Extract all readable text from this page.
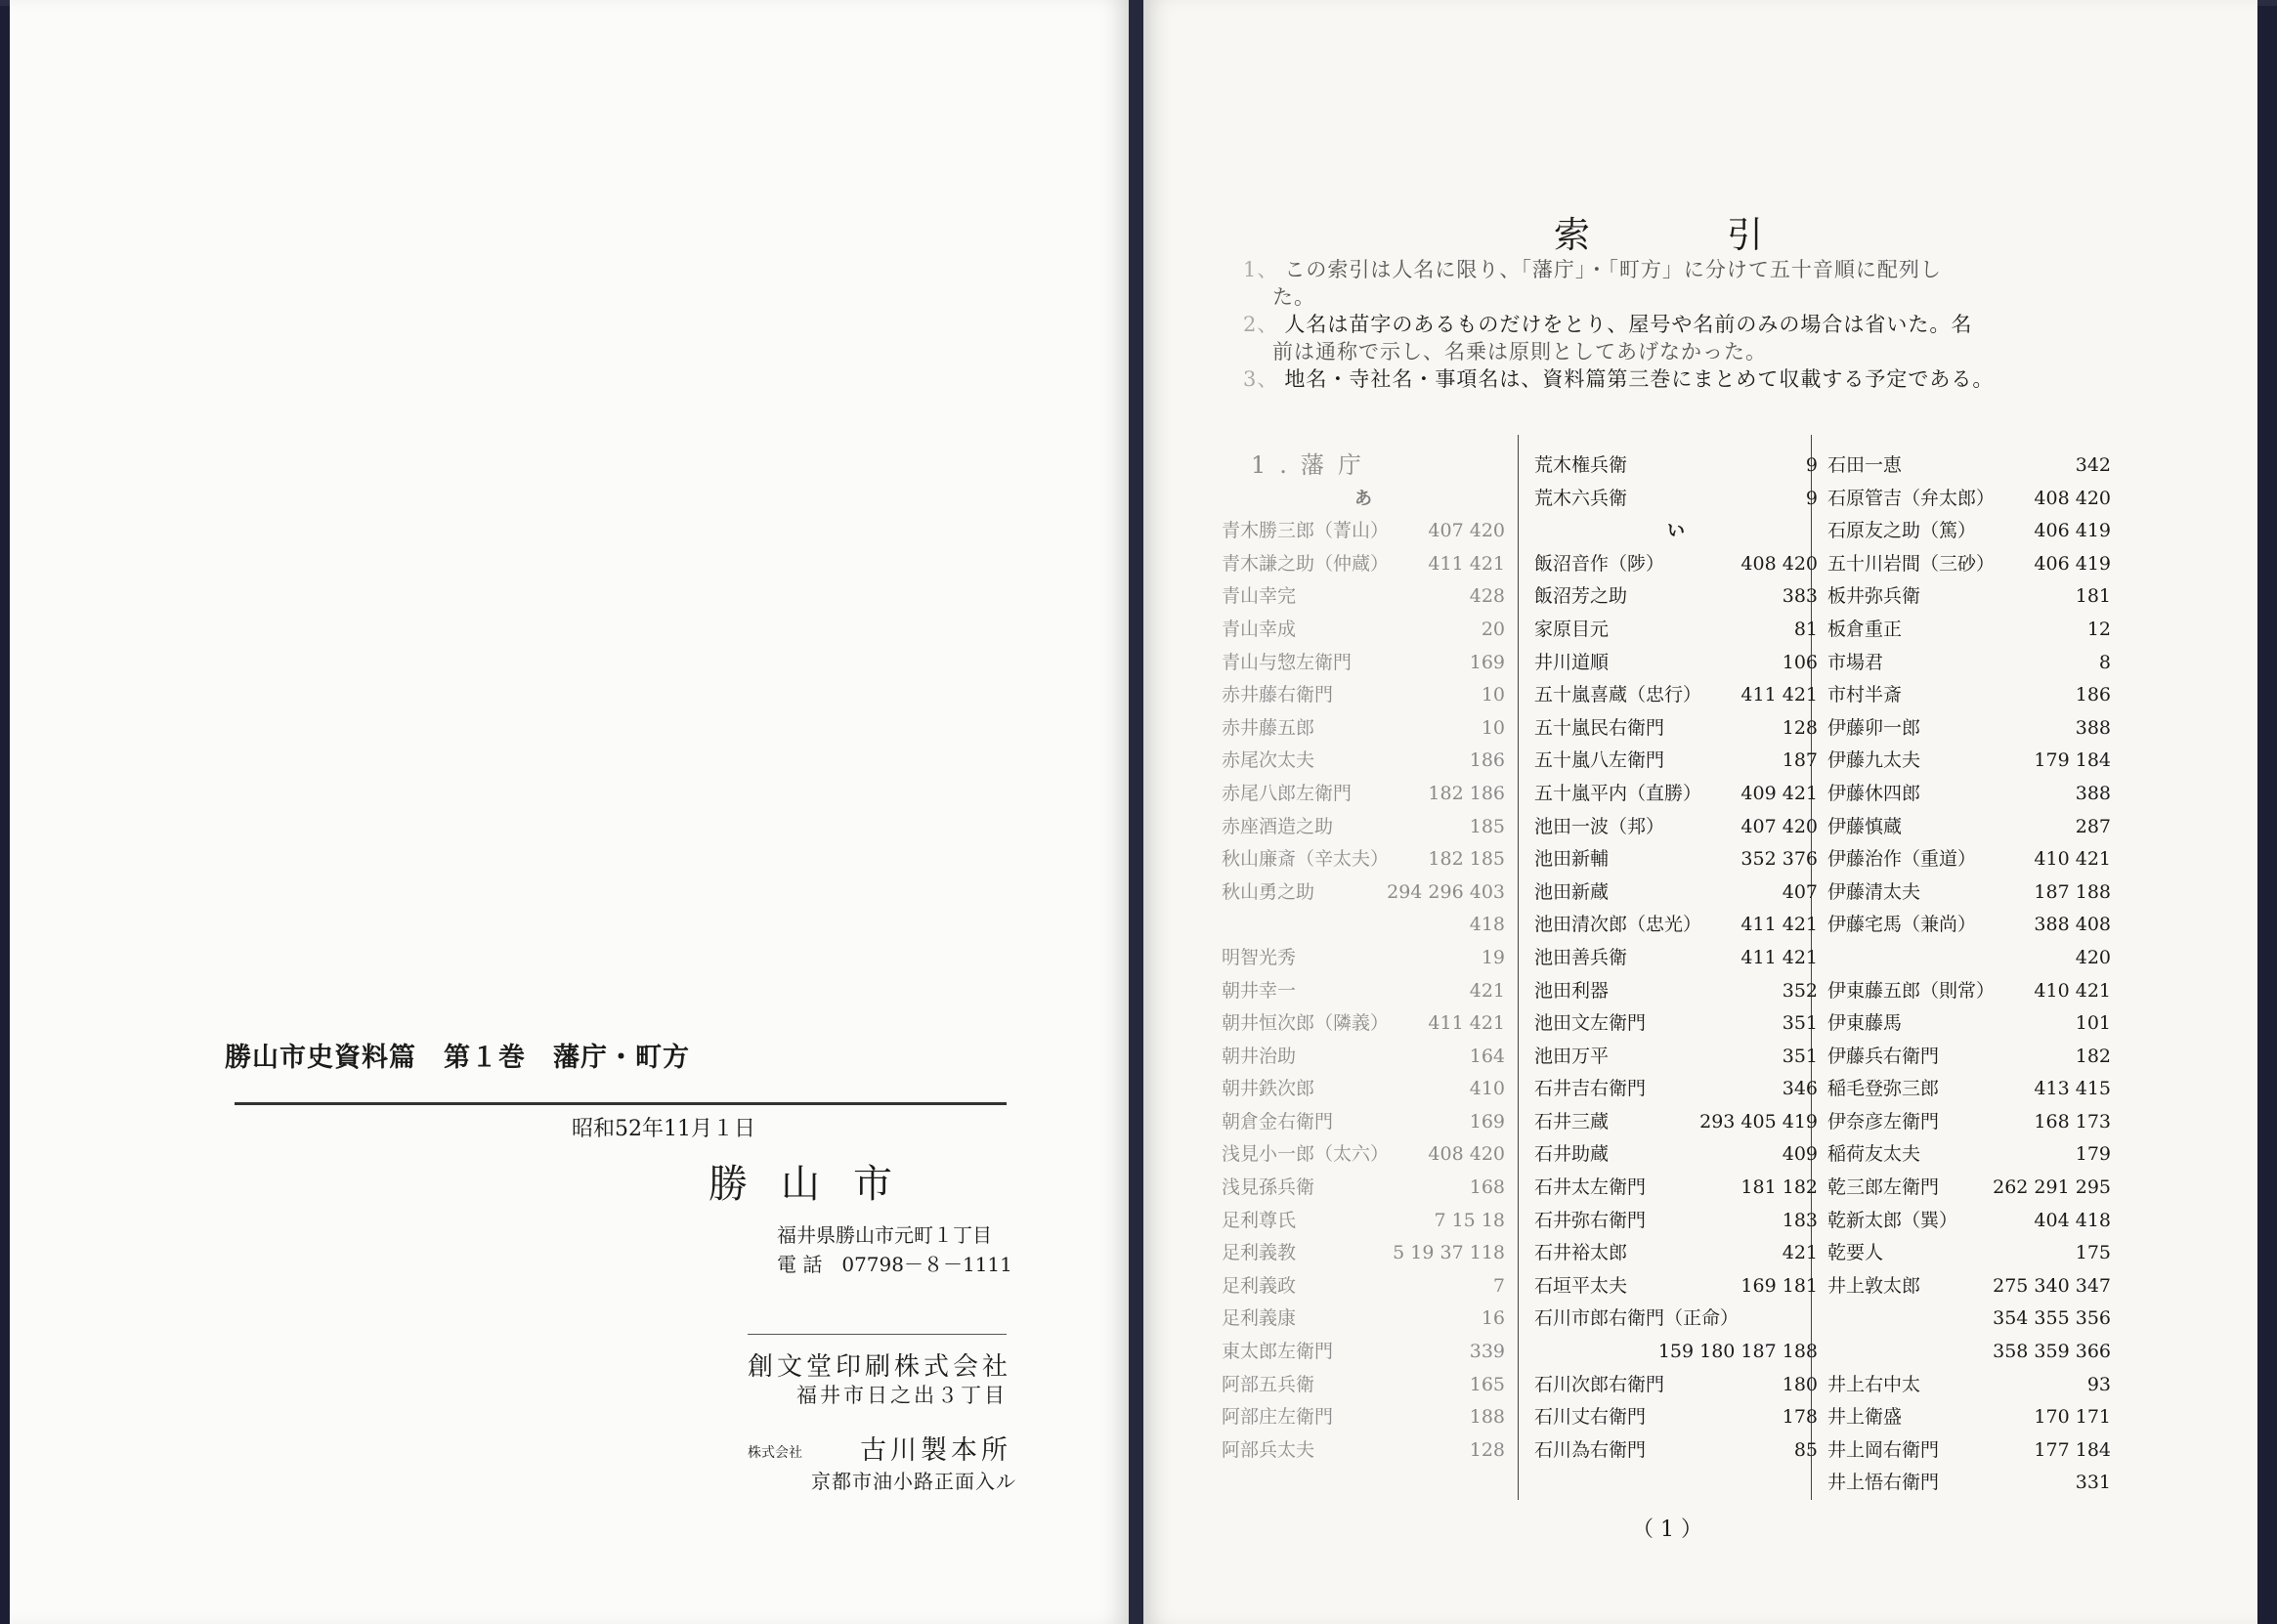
勝山市史資料篇　第１巻　藩庁・町方
昭和52年11月１日
勝山市
福井県勝山市元町１丁目
電 話　07798－８－1111
創文堂印刷株式会社
福井市日之出３丁目
株式会社 古川製本所
京都市油小路正面入ル
索引
1、 この索引は人名に限り、「藩庁」・「町方」に分けて五十音順に配列し
た。
2、 人名は苗字のあるものだけをとり、屋号や名前のみの場合は省いた。名
前は通称で示し、名乗は原則としてあげなかった。
3、 地名・寺社名・事項名は、資料篇第三巻にまとめて収載する予定である。
1.藩庁
あ
青木勝三郎（菁山）	407 420
青木謙之助（仲蔵）	411 421
青山幸完	428
青山幸成	20
青山与惣左衛門	169
赤井藤右衛門	10
赤井藤五郎	10
赤尾次太夫	186
赤尾八郎左衛門	182 186
赤座酒造之助	185
秋山廉斎（辛太夫）	182 185
秋山勇之助	294 296 403
418
明智光秀	19
朝井幸一	421
朝井恒次郎（隣義）	411 421
朝井治助	164
朝井鉄次郎	410
朝倉金右衛門	169
浅見小一郎（太六）	408 420
浅見孫兵衛	168
足利尊氏	7 15 18
足利義教	5 19 37 118
足利義政	7
足利義康	16
東太郎左衛門	339
阿部五兵衛	165
阿部庄左衛門	188
阿部兵太夫	128
荒木権兵衛	9
荒木六兵衛	9
い
飯沼音作（陟）	408 420
飯沼芳之助	383
家原目元	81
井川道順	106
五十嵐喜蔵（忠行）	411 421
五十嵐民右衛門	128
五十嵐八左衛門	187
五十嵐平内（直勝）	409 421
池田一波（邦）	407 420
池田新輔	352 376
池田新蔵	407
池田清次郎（忠光）	411 421
池田善兵衛	411 421
池田利器	352
池田文左衛門	351
池田万平	351
石井吉右衛門	346
石井三蔵	293 405 419
石井助蔵	409
石井太左衛門	181 182
石井弥右衛門	183
石井裕太郎	421
石垣平太夫	169 181
石川市郎右衛門（正命）
159 180 187 188
石川次郎右衛門	180
石川丈右衛門	178
石川為右衛門	85
石田一恵	342
石原管吉（弁太郎）	408 420
石原友之助（篤）	406 419
五十川岩間（三砂）	406 419
板井弥兵衛	181
板倉重正	12
市場君	8
市村半斎	186
伊藤卯一郎	388
伊藤九太夫	179 184
伊藤休四郎	388
伊藤慎蔵	287
伊藤治作（重道）	410 421
伊藤清太夫	187 188
伊藤宅馬（兼尚）	388 408
420
伊東藤五郎（則常）	410 421
伊東藤馬	101
伊藤兵右衛門	182
稲毛登弥三郎	413 415
伊奈彦左衛門	168 173
稲荷友太夫	179
乾三郎左衛門	262 291 295
乾新太郎（巽）	404 418
乾要人	175
井上敦太郎	275 340 347
354 355 356
358 359 366
井上右中太	93
井上衛盛	170 171
井上岡右衛門	177 184
井上悟右衛門	331
（ 1 ）
